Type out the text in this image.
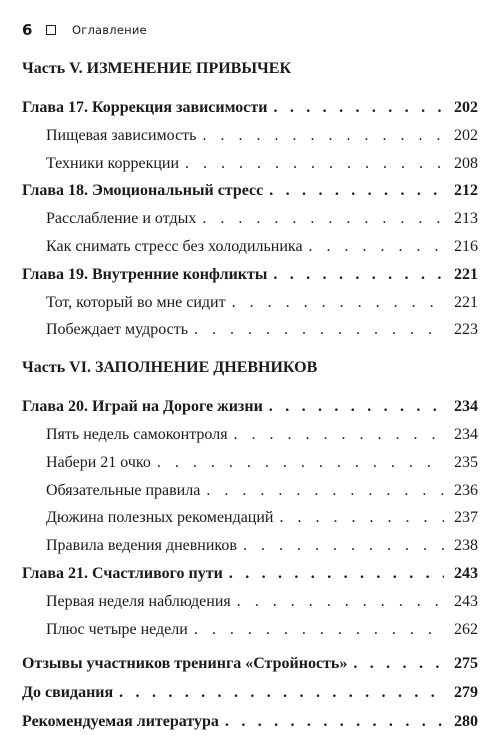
6	Оглавление
Часть V. ИЗМЕНЕНИЕ ПРИВЫЧЕК
Глава 17. Коррекция зависимости . . .	202
Пищевая зависимость . . .	202
Техники коррекции . . .	208
Глава 18. Эмоциональный стресс . . .	212
Расслабление и отдых . . .	213
Как снимать стресс без холодильника . . .	216
Глава 19. Внутренние конфликты . . .	221
Тот, который во мне сидит . . .	221
Побеждает мудрость . . .	223
Часть VI. ЗАПОЛНЕНИЕ ДНЕВНИКОВ
Глава 20. Играй на Дороге жизни . . .	234
Пять недель самоконтроля . . .	234
Набери 21 очко . . .	235
Обязательные правила . . .	236
Дюжина полезных рекомендаций . . .	237
Правила ведения дневников . . .	238
Глава 21. Счастливого пути . . .	243
Первая неделя наблюдения . . .	243
Плюс четыре недели . . .	262
Отзывы участников тренинга «Стройность» . . .	275
До свидания . . .	279
Рекомендуемая литература . . .	280
